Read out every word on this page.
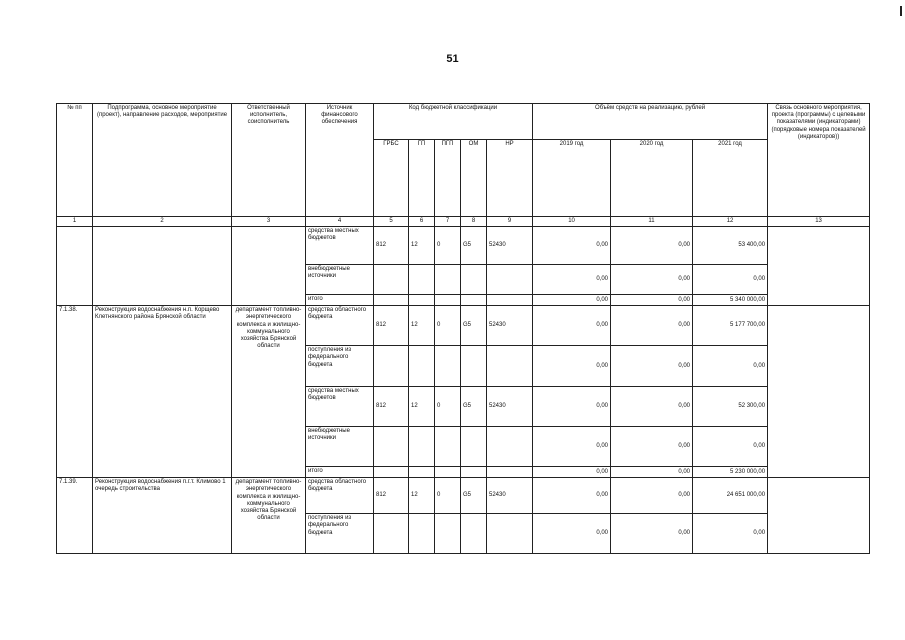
51
№ пп	Подпрограмма, основное мероприятие (проект), направление расходов, мероприятие	Ответственный исполнитель, соисполнитель	Источник финансового обеспечения	Код бюджетной классификации					Объём средств на реализацию, рублей			Связь основного мероприятия, проекта (программы) с целевыми показателями (индикаторами) (порядковые номера показателей (индикаторов))
				ГРБС	ГП	ПГП	ОМ	НР	2019 год	2020 год	2021 год	
1	2	3	4	5	6	7	8	9	10	11	12	13
			средства местных бюджетов	812	12	0	G5	52430	0,00	0,00	53 400,00	
			внебюджетные источники						0,00	0,00	0,00	
			итого						0,00	0,00	5 340 000,00	
7.1.38.	Реконструкция водоснабжения н.п. Корщево Клетнянского района Брянской области	департамент топливно-энергетического комплекса и жилищно-коммунального хозяйства Брянской области	средства областного бюджета	812	12	0	G5	52430	0,00	0,00	5 177 700,00	
			поступления из федерального бюджета						0,00	0,00	0,00	
			средства местных бюджетов	812	12	0	G5	52430	0,00	0,00	52 300,00	
			внебюджетные источники						0,00	0,00	0,00	
			итого						0,00	0,00	5 230 000,00	
7.1.39.	Реконструкция водоснабжения п.г.т. Климово 1 очередь строительства	департамент топливно-энергетического комплекса и жилищно-коммунального хозяйства Брянской области	средства областного бюджета	812	12	0	G5	52430	0,00	0,00	24 651 000,00	
			поступления из федерального бюджета						0,00	0,00	0,00	
